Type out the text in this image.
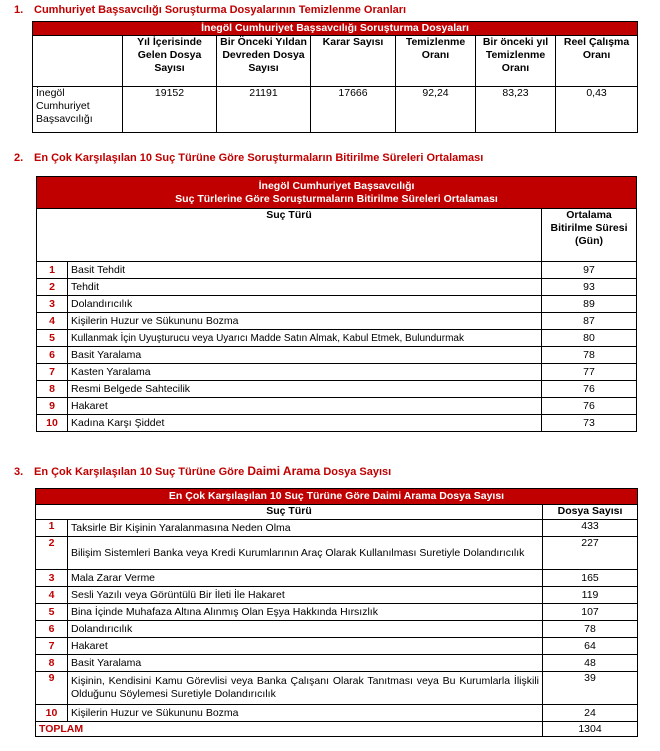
1. Cumhuriyet Başsavcılığı Soruşturma Dosyalarının Temizlenme Oranları
İnegöl Cumhuriyet Başsavcılığı Soruşturma Dosyaları						
	Yıl İçerisinde Gelen Dosya Sayısı	Bir Önceki Yıldan Devreden Dosya Sayısı	Karar Sayısı	Temizlenme Oranı	Bir önceki yıl Temizlenme Oranı	Reel Çalışma Oranı
İnegöl Cumhuriyet Başsavcılığı	19152	21191	17666	92,24	83,23	0,43
2. En Çok Karşılaşılan 10 Suç Türüne Göre Soruşturmaların Bitirilme Süreleri Ortalaması
İnegöl Cumhuriyet Başsavcılığı
Suç Türlerine Göre Soruşturmaların Bitirilme Süreleri Ortalaması		

Suç Türü		Ortalama Bitirilme Süresi (Gün)
1	Basit Tehdit	97
2	Tehdit	93
3	Dolandırıcılık	89
4	Kişilerin Huzur ve Sükununu Bozma	87
5	Kullanmak İçin Uyuşturucu veya Uyarıcı Madde Satın Almak, Kabul Etmek, Bulundurmak	80
6	Basit Yaralama	78
7	Kasten Yaralama	77
8	Resmi Belgede Sahtecilik	76
9	Hakaret	76
10	Kadına Karşı Şiddet	73
3. En Çok Karşılaşılan 10 Suç Türüne Göre Daimi Arama Dosya Sayısı
En Çok Karşılaşılan 10 Suç Türüne Göre Daimi Arama Dosya Sayısı		
Suç Türü		Dosya Sayısı
1	Taksirle Bir Kişinin Yaralanmasına Neden Olma	433
2	Bilişim Sistemleri Banka veya Kredi Kurumlarının Araç Olarak Kullanılması Suretiyle Dolandırıcılık	227
3	Mala Zarar Verme	165
4	Sesli Yazılı veya Görüntülü Bir İleti İle Hakaret	119
5	Bina İçinde Muhafaza Altına Alınmış Olan Eşya Hakkında Hırsızlık	107
6	Dolandırıcılık	78
7	Hakaret	64
8	Basit Yaralama	48
9	Kişinin, Kendisini Kamu Görevlisi veya Banka Çalışanı Olarak Tanıtması veya Bu Kurumlarla İlişkili Olduğunu Söylemesi Suretiyle Dolandırıcılık	39
10	Kişilerin Huzur ve Sükununu Bozma	24
TOPLAM		1304
